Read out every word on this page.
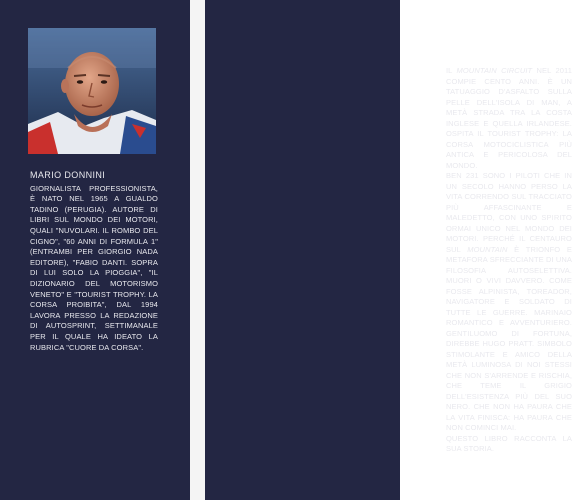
MARIO DONNINI
GIORNALISTA PROFESSIONISTA, È NATO NEL 1965 A GUALDO TADINO (PERUGIA). AUTORE DI LIBRI SUL MONDO DEI MOTORI, QUALI "NUVOLARI. IL ROMBO DEL CIGNO", "60 ANNI DI FORMULA 1" (ENTRAMBI PER GIORGIO NADA EDITORE), "FABIO DANTI. SOPRA DI LUI SOLO LA PIOGGIA", "IL DIZIONARIO DEL MOTORISMO VENETO" E "TOURIST TROPHY. LA CORSA PROIBITA", DAL 1994 LAVORA PRESSO LA REDAZIONE DI AUTOSPRINT, SETTIMANALE PER IL QUALE HA IDEATO LA RUBRICA "CUORE DA CORSA".

IL MOUNTAIN CIRCUIT NEL 2011 COMPIE CENTO ANNI. È UN TATUAGGIO D'ASFALTO SULLA PELLE DELL'ISOLA DI MAN, A METÀ STRADA TRA LA COSTA INGLESE E QUELLA IRLANDESE. OSPITA IL TOURIST TROPHY: LA CORSA MOTOCICLISTICA PIÙ ANTICA E PERICOLOSA DEL MONDO.

BEN 231 SONO I PILOTI CHE IN UN SECOLO HANNO PERSO LA VITA CORRENDO SUL TRACCIATO PIÙ AFFASCINANTE E MALEDETTO, CON UNO SPIRITO ORMAI UNICO NEL MONDO DEI MOTORI. PERCHÉ IL CENTAURO SUL MOUNTAIN È TRIONFO E METAFORA SFRECCIANTE DI UNA FILOSOFIA AUTOSELETTIVA. MUORI O VIVI DAVVERO. COME FOSSE ALPINISTA, TOREADOR, NAVIGATORE E SOLDATO DI TUTTE LE GUERRE. MARINAIO ROMANTICO E AVVENTURIERO. GENTILUOMO DI FORTUNA, DIREBBE HUGO PRATT. SIMBOLO STIMOLANTE E AMICO DELLA METÀ LUMINOSA DI NOI STESSI CHE NON S'ARRENDE E RISCHIA, CHE TEME IL GRIGIO DELL'ESISTENZA PIÙ DEL SUO NERO. CHE NON HA PAURA CHE LA VITA FINISCA: HA PAURA CHE NON COMINCI MAI.

QUESTO LIBRO RACCONTA LA SUA STORIA.
